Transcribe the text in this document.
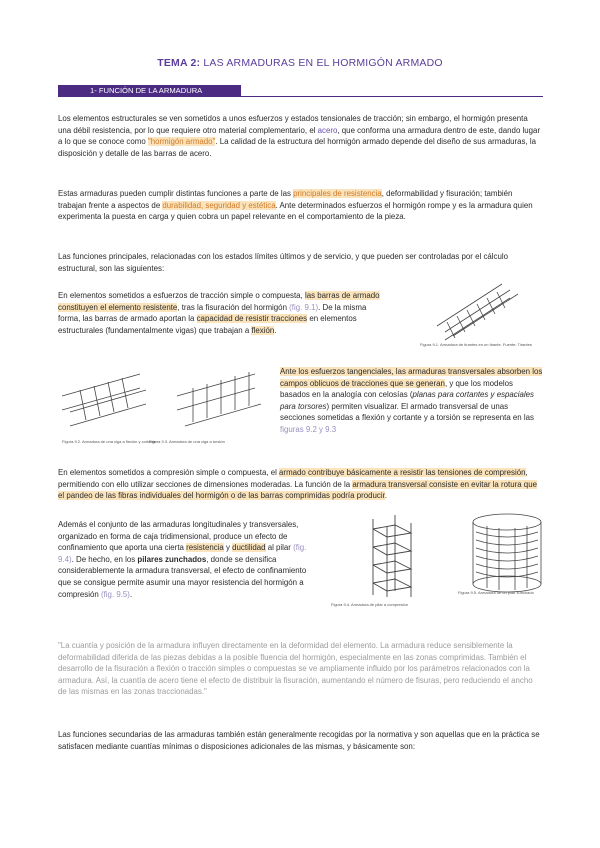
TEMA 2: LAS ARMADURAS EN EL HORMIGÓN ARMADO
1- FUNCIÓN DE LA ARMADURA

Los elementos estructurales se ven sometidos a unos esfuerzos y estados tensionales de tracción; sin embargo, el hormigón presenta una débil resistencia, por lo que requiere otro material complementario, el acero, que conforma una armadura dentro de este, dando lugar a lo que se conoce como "hormigón armado". La calidad de la estructura del hormigón armado depende del diseño de sus armaduras, la disposición y detalle de las barras de acero.

Estas armaduras pueden cumplir distintas funciones a parte de las principales de resistencia, deformabilidad y fisuración; también trabajan frente a aspectos de durabilidad, seguridad y estética. Ante determinados esfuerzos el hormigón rompe y es la armadura quien experimenta la puesta en carga y quien cobra un papel relevante en el comportamiento de la pieza.

Las funciones principales, relacionadas con los estados límites últimos y de servicio, y que pueden ser controladas por el cálculo estructural, son las siguientes:

En elementos sometidos a esfuerzos de tracción simple o compuesta, las barras de armado constituyen el elemento resistente, tras la fisuración del hormigón (fig. 9.1). De la misma forma, las barras de armado aportan la capacidad de resistir tracciones en elementos estructurales (fundamentalmente vigas) que trabajan a flexión.

Figura 9.1. Armadura de tirantes en un tirante. Fuente: Tirantes
Figura 9.2. Armadura de una viga a flexión y cortante
Figura 9.3. Armadura de una viga a torsión

Ante los esfuerzos tangenciales, las armaduras transversales absorben los campos oblicuos de tracciones que se generan, y que los modelos basados en la analogía con celosías (planas para cortantes y espaciales para torsores) permiten visualizar. El armado transversal de unas secciones sometidas a flexión y cortante y a torsión se representa en las figuras 9.2 y 9.3

En elementos sometidos a compresión simple o compuesta, el armado contribuye básicamente a resistir las tensiones de compresión, permitiendo con ello utilizar secciones de dimensiones moderadas. La función de la armadura transversal consiste en evitar la rotura que el pandeo de las fibras individuales del hormigón o de las barras comprimidas podría producir.

Además el conjunto de las armaduras longitudinales y transversales, organizado en forma de caja tridimensional, produce un efecto de confinamiento que aporta una cierta resistencia y ductilidad al pilar (fig. 9.4). De hecho, en los pilares zunchados, donde se densifica considerablemente la armadura transversal, el efecto de confinamiento que se consigue permite asumir una mayor resistencia del hormigón a compresión (fig. 9.5).

Figura 9.4. Armadura de pilar a compresión
Figura 9.5. Armadura de un pilar zunchado

"La cuantía y posición de la armadura influyen directamente en la deformidad del elemento. La armadura reduce sensiblemente la deformabilidad diferida de las piezas debidas a la posible fluencia del hormigón, especialmente en las zonas comprimidas. También el desarrollo de la fisuración a flexión o tracción simples o compuestas se ve ampliamente influido por los parámetros relacionados con la armadura. Así, la cuantía de acero tiene el efecto de distribuir la fisuración, aumentando el número de fisuras, pero reduciendo el ancho de las mismas en las zonas traccionadas."

Las funciones secundarias de las armaduras también están generalmente recogidas por la normativa y son aquellas que en la práctica se satisfacen mediante cuantías mínimas o disposiciones adicionales de las mismas, y básicamente son:
